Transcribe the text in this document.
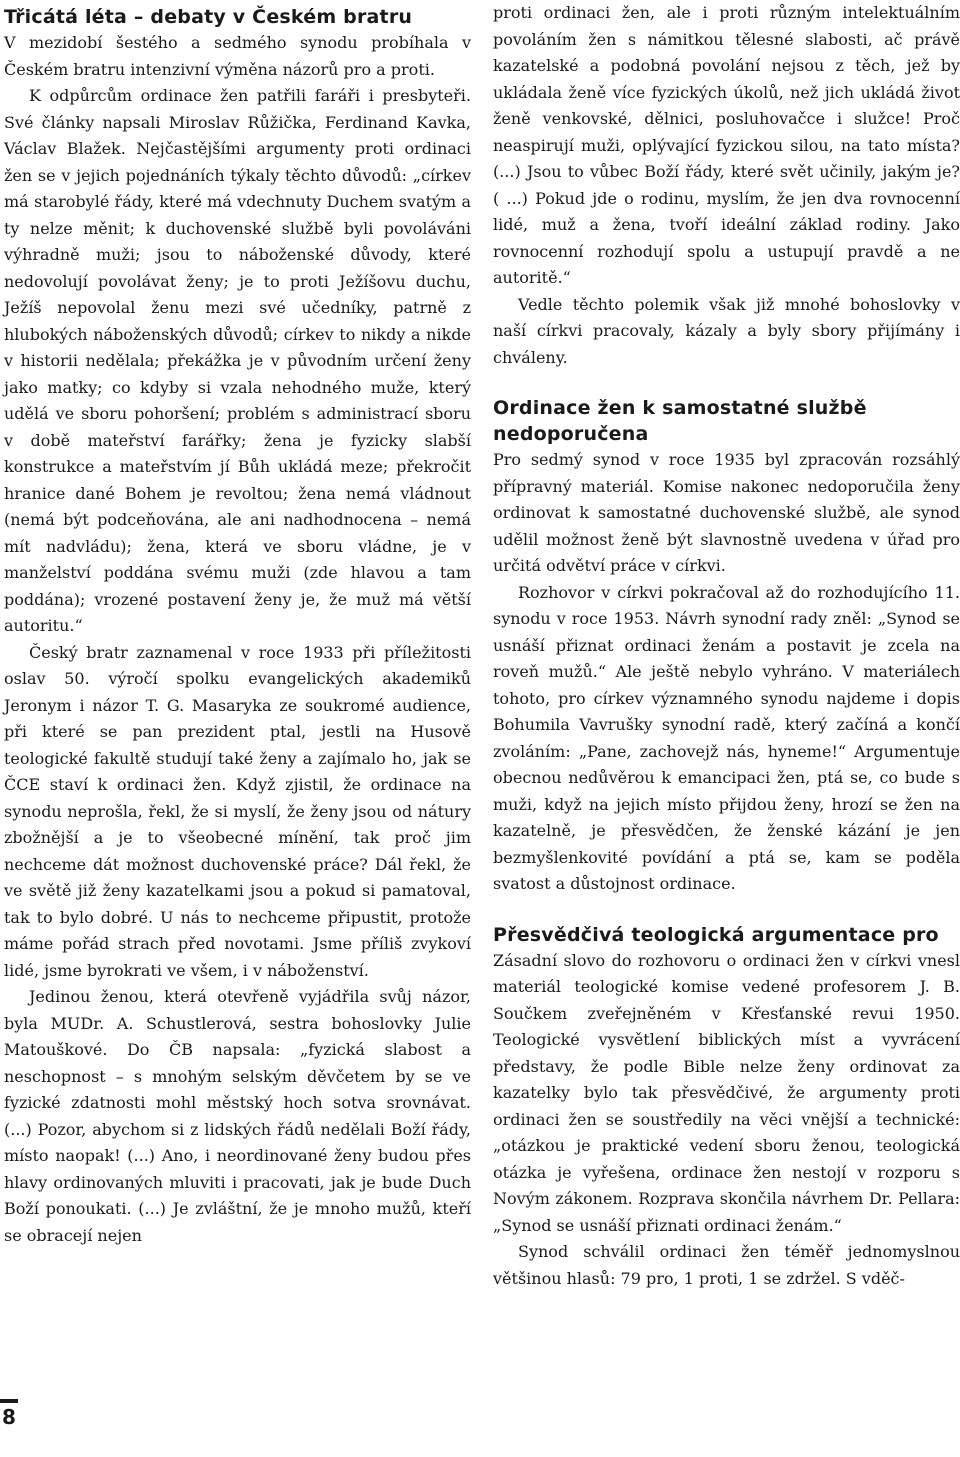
Třicátá léta – debaty v Českém bratru

V mezidobí šestého a sedmého synodu probíhala v Českém bratru intenzivní výměna názorů pro a proti.

K odpůrcům ordinace žen patřili faráři i presbyteři. Své články napsali Miroslav Růžička, Ferdinand Kavka, Václav Blažek. Nejčastějšími argumenty proti ordinaci žen se v jejich pojednáních týkaly těchto důvodů: „církev má starobylé řády, které má vdechnuty Duchem svatým a ty nelze měnit; k duchovenské službě byli povoláváni výhradně muži; jsou to náboženské důvody, které nedovolují povolávat ženy; je to proti Ježíšovu duchu, Ježíš nepovolal ženu mezi své učedníky, patrně z hlubokých náboženských důvodů; církev to nikdy a nikde v historii nedělala; překážka je v původním určení ženy jako matky; co kdyby si vzala nehodného muže, který udělá ve sboru pohoršení; problém s administrací sboru v době mateřství farářky; žena je fyzicky slabší konstrukce a mateřstvím jí Bůh ukládá meze; překročit hranice dané Bohem je revoltou; žena nemá vládnout (nemá být podceňována, ale ani nadhodnocena – nemá mít nadvládu); žena, která ve sboru vládne, je v manželství poddána svému muži (zde hlavou a tam poddána); vrozené postavení ženy je, že muž má větší autoritu.“

Český bratr zaznamenal v roce 1933 při příležitosti oslav 50. výročí spolku evangelických akademiků Jeronym i názor T. G. Masaryka ze soukromé audience, při které se pan prezident ptal, jestli na Husově teologické fakultě studují také ženy a zajímalo ho, jak se ČCE staví k ordinaci žen. Když zjistil, že ordinace na synodu neprošla, řekl, že si myslí, že ženy jsou od nátury zbožnější a je to všeobecné mínění, tak proč jim nechceme dát možnost duchovenské práce? Dál řekl, že ve světě již ženy kazatelkami jsou a pokud si pamatoval, tak to bylo dobré. U nás to nechceme připustit, protože máme pořád strach před novotami. Jsme příliš zvykoví lidé, jsme byrokrati ve všem, i v náboženství.

Jedinou ženou, která otevřeně vyjádřila svůj názor, byla MUDr. A. Schustlerová, sestra bohoslovky Julie Matouškové. Do ČB napsala: „fyzická slabost a neschopnost – s mnohým selským děvčetem by se ve fyzické zdatnosti mohl městský hoch sotva srovnávat. (...) Pozor, abychom si z lidských řádů nedělali Boží řády, místo naopak! (...) Ano, i neordinované ženy budou přes hlavy ordinovaných mluviti i pracovati, jak je bude Duch Boží ponoukati. (...) Je zvláštní, že je mnoho mužů, kteří se obracejí nejen

proti ordinaci žen, ale i proti různým intelektuálním povoláním žen s námitkou tělesné slabosti, ač právě kazatelské a podobná povolání nejsou z těch, jež by ukládala ženě více fyzických úkolů, než jich ukládá život ženě venkovské, dělnici, posluhovačce i služce! Proč neaspirují muži, oplývající fyzickou silou, na tato místa? (...) Jsou to vůbec Boží řády, které svět učinily, jakým je? ( ...) Pokud jde o rodinu, myslím, že jen dva rovnocenní lidé, muž a žena, tvoří ideální základ rodiny. Jako rovnocenní rozhodují spolu a ustupují pravdě a ne autoritě.“

Vedle těchto polemik však již mnohé bohoslovky v naší církvi pracovaly, kázaly a byly sbory přijímány i chváleny.

Ordinace žen k samostatné službě nedoporučena

Pro sedmý synod v roce 1935 byl zpracován rozsáhlý přípravný materiál. Komise nakonec nedoporučila ženy ordinovat k samostatné duchovenské službě, ale synod udělil možnost ženě být slavnostně uvedena v úřad pro určitá odvětví práce v církvi.

Rozhovor v církvi pokračoval až do rozhodujícího 11. synodu v roce 1953. Návrh synodní rady zněl: „Synod se usnáší přiznat ordinaci ženám a postavit je zcela na roveň mužů.“ Ale ještě nebylo vyhráno. V materiálech tohoto, pro církev významného synodu najdeme i dopis Bohumila Vavrušky synodní radě, který začíná a končí zvoláním: „Pane, zachovejž nás, hyneme!“ Argumentuje obecnou nedůvěrou k emancipaci žen, ptá se, co bude s muži, když na jejich místo přijdou ženy, hrozí se žen na kazatelně, je přesvědčen, že ženské kázání je jen bezmyšlenkovité povídání a ptá se, kam se poděla svatost a důstojnost ordinace.

Přesvědčivá teologická argumentace pro

Zásadní slovo do rozhovoru o ordinaci žen v církvi vnesl materiál teologické komise vedené profesorem J. B. Součkem zveřejněném v Křesťanské revui 1950. Teologické vysvětlení biblických míst a vyvrácení představy, že podle Bible nelze ženy ordinovat za kazatelky bylo tak přesvědčivé, že argumenty proti ordinaci žen se soustředily na věci vnější a technické: „otázkou je praktické vedení sboru ženou, teologická otázka je vyřešena, ordinace žen nestojí v rozporu s Novým zákonem. Rozprava skončila návrhem Dr. Pellara: „Synod se usnáší přiznati ordinaci ženám.“

Synod schválil ordinaci žen téměř jednomyslnou většinou hlasů: 79 pro, 1 proti, 1 se zdržel. S vděč-

8
